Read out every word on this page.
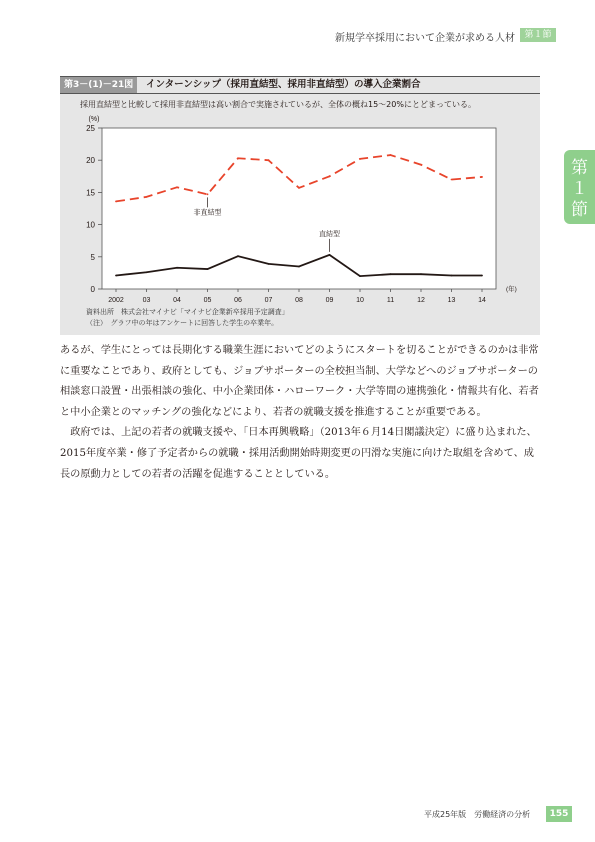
新規学卒採用において企業が求める人材	第１節
第
１
節
第3－(1)－21図	インターンシップ（採用直結型、採用非直結型）の導入企業割合
採用直結型と比較して採用非直結型は高い割合で実施されているが、全体の概ね15～20%にとどまっている。
0
5
10
15
20
25
(%)
2002	03	04	05	06	07	08	09	10	11	12	13	14
(年)
非直結型
直結型
資料出所　株式会社マイナビ「マイナビ企業新卒採用予定調査」
（注）　グラフ中の年はアンケートに回答した学生の卒業年。

あるが、学生にとっては長期化する職業生涯においてどのようにスタートを切ることができるのかは非常に重要なことであり、政府としても、ジョブサポーターの全校担当制、大学などへのジョブサポーターの相談窓口設置・出張相談の強化、中小企業団体・ハローワーク・大学等間の連携強化・情報共有化、若者と中小企業とのマッチングの強化などにより、若者の就職支援を推進することが重要である。

政府では、上記の若者の就職支援や、「日本再興戦略」（2013年６月14日閣議決定）に盛り込まれた、2015年度卒業・修了予定者からの就職・採用活動開始時期変更の円滑な実施に向けた取組を含めて、成長の原動力としての若者の活躍を促進することとしている。

平成25年版　労働経済の分析	155
